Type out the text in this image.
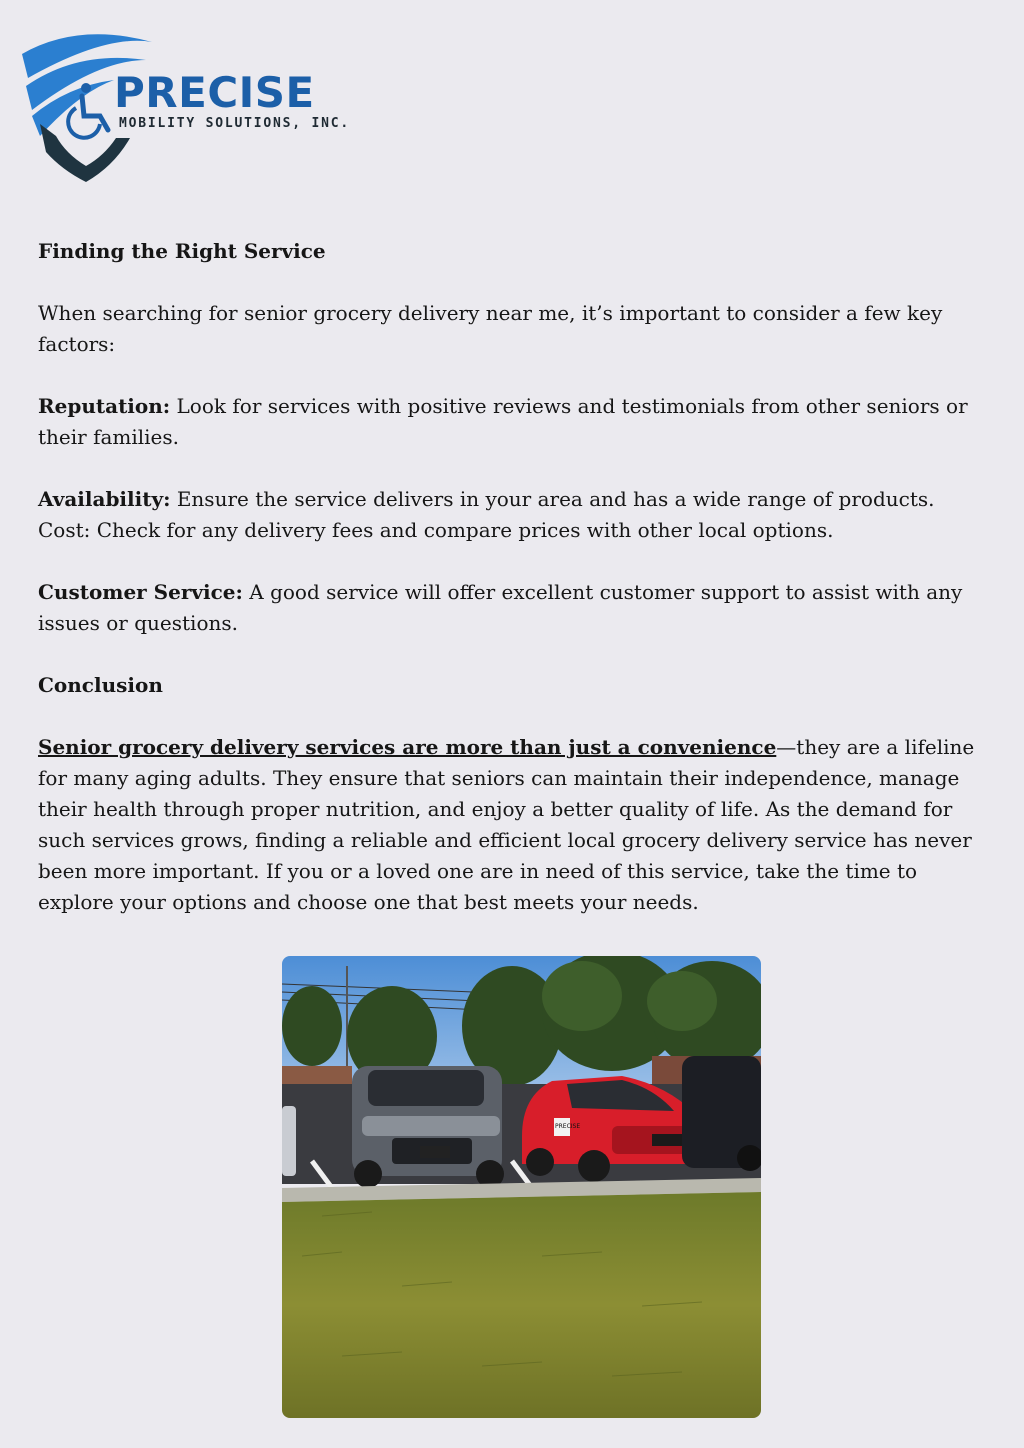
PRECISE
MOBILITY SOLUTIONS, INC.

Finding the Right Service

When searching for senior grocery delivery near me, it’s important to consider a few key factors:

Reputation: Look for services with positive reviews and testimonials from other seniors or their families.

Availability: Ensure the service delivers in your area and has a wide range of products.

Cost: Check for any delivery fees and compare prices with other local options.

Customer Service: A good service will offer excellent customer support to assist with any issues or questions.

Conclusion

Senior grocery delivery services are more than just a convenience—they are a lifeline for many aging adults. They ensure that seniors can maintain their independence, manage their health through proper nutrition, and enjoy a better quality of life. As the demand for such services grows, finding a reliable and efficient local grocery delivery service has never been more important. If you or a loved one are in need of this service, take the time to explore your options and choose one that best meets your needs.

PRECISE
